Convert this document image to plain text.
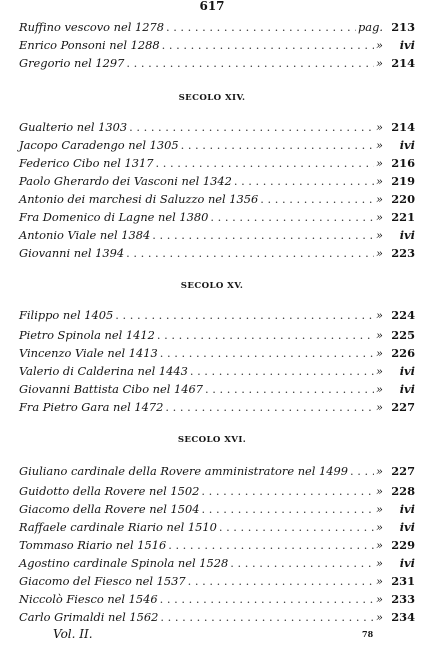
617
Ruffino vescovo nel 1278 . . .	pag. 213
Enrico Ponsoni nel 1288 . . .	»	ivi
Gregorio nel 1297 . . .	» 214
SECOLO XIV.
Gualterio nel 1303 . . .	» 214
Jacopo Caradengo nel 1305 . . .	»	ivi
Federico Cibo nel 1317 . . .	» 216
Paolo Gherardo dei Vasconi nel 1342 . . .	» 219
Antonio dei marchesi di Saluzzo nel 1356 . . .	» 220
Fra Domenico di Lagne nel 1380 . . .	» 221
Antonio Viale nel 1384 . . .	»	ivi
Giovanni nel 1394 . . .	» 223
SECOLO XV.
Filippo nel 1405 . . .	» 224
Pietro Spinola nel 1412 . . .	» 225
Vincenzo Viale nel 1413 . . .	» 226
Valerio di Calderina nel 1443 . . .	»	ivi
Giovanni Battista Cibo nel 1467 . . .	»	ivi
Fra Pietro Gara nel 1472 . . .	» 227
SECOLO XVI.
Giuliano cardinale della Rovere amministratore nel 1499 . . . » 227
Guidotto della Rovere nel 1502 . . .	» 228
Giacomo della Rovere nel 1504 . . .	»	ivi
Raffaele cardinale Riario nel 1510 . . .	»	ivi
Tommaso Riario nel 1516 . . .	» 229
Agostino cardinale Spinola nel 1528 . . .	»	ivi
Giacomo del Fiesco nel 1537 . . .	» 231
Niccolò Fiesco nel 1546 . . .	» 233
Carlo Grimaldi nel 1562 . . .	» 234
Vol. II.	78
